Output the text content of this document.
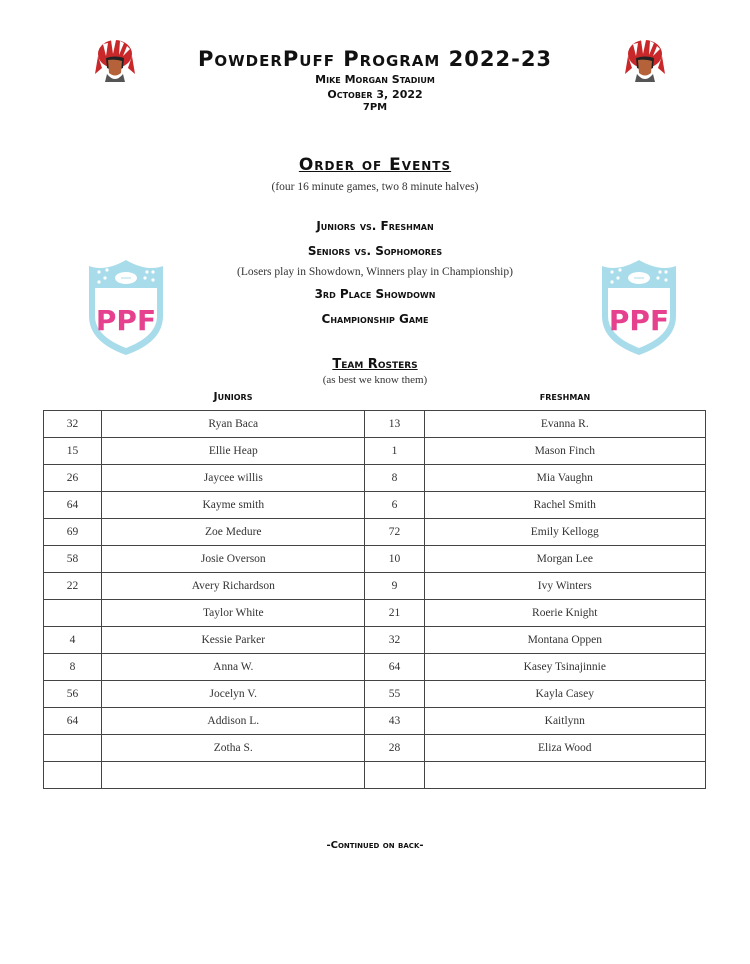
PowderPuff Program 2022-23
Mike Morgan Stadium
October 3, 2022
7PM
Order of Events
(four 16 minute games, two 8 minute halves)
Juniors vs. Freshman
Seniors vs. Sophomores
(Losers play in Showdown, Winners play in Championship)
3rd Place Showdown
Championship Game
PPF	PPF
Team Rosters
(as best we know them)
Juniors	freshman
32	Ryan Baca	13	Evanna R.
15	Ellie Heap	1	Mason Finch
26	Jaycee willis	8	Mia Vaughn
64	Kayme smith	6	Rachel Smith
69	Zoe Medure	72	Emily Kellogg
58	Josie Overson	10	Morgan Lee
22	Avery Richardson	9	Ivy Winters
	Taylor White	21	Roerie Knight
4	Kessie Parker	32	Montana Oppen
8	Anna W.	64	Kasey Tsinajinnie
56	Jocelyn V.	55	Kayla Casey
64	Addison L.	43	Kaitlynn
	Zotha S.	28	Eliza Wood

-Continued on back-
